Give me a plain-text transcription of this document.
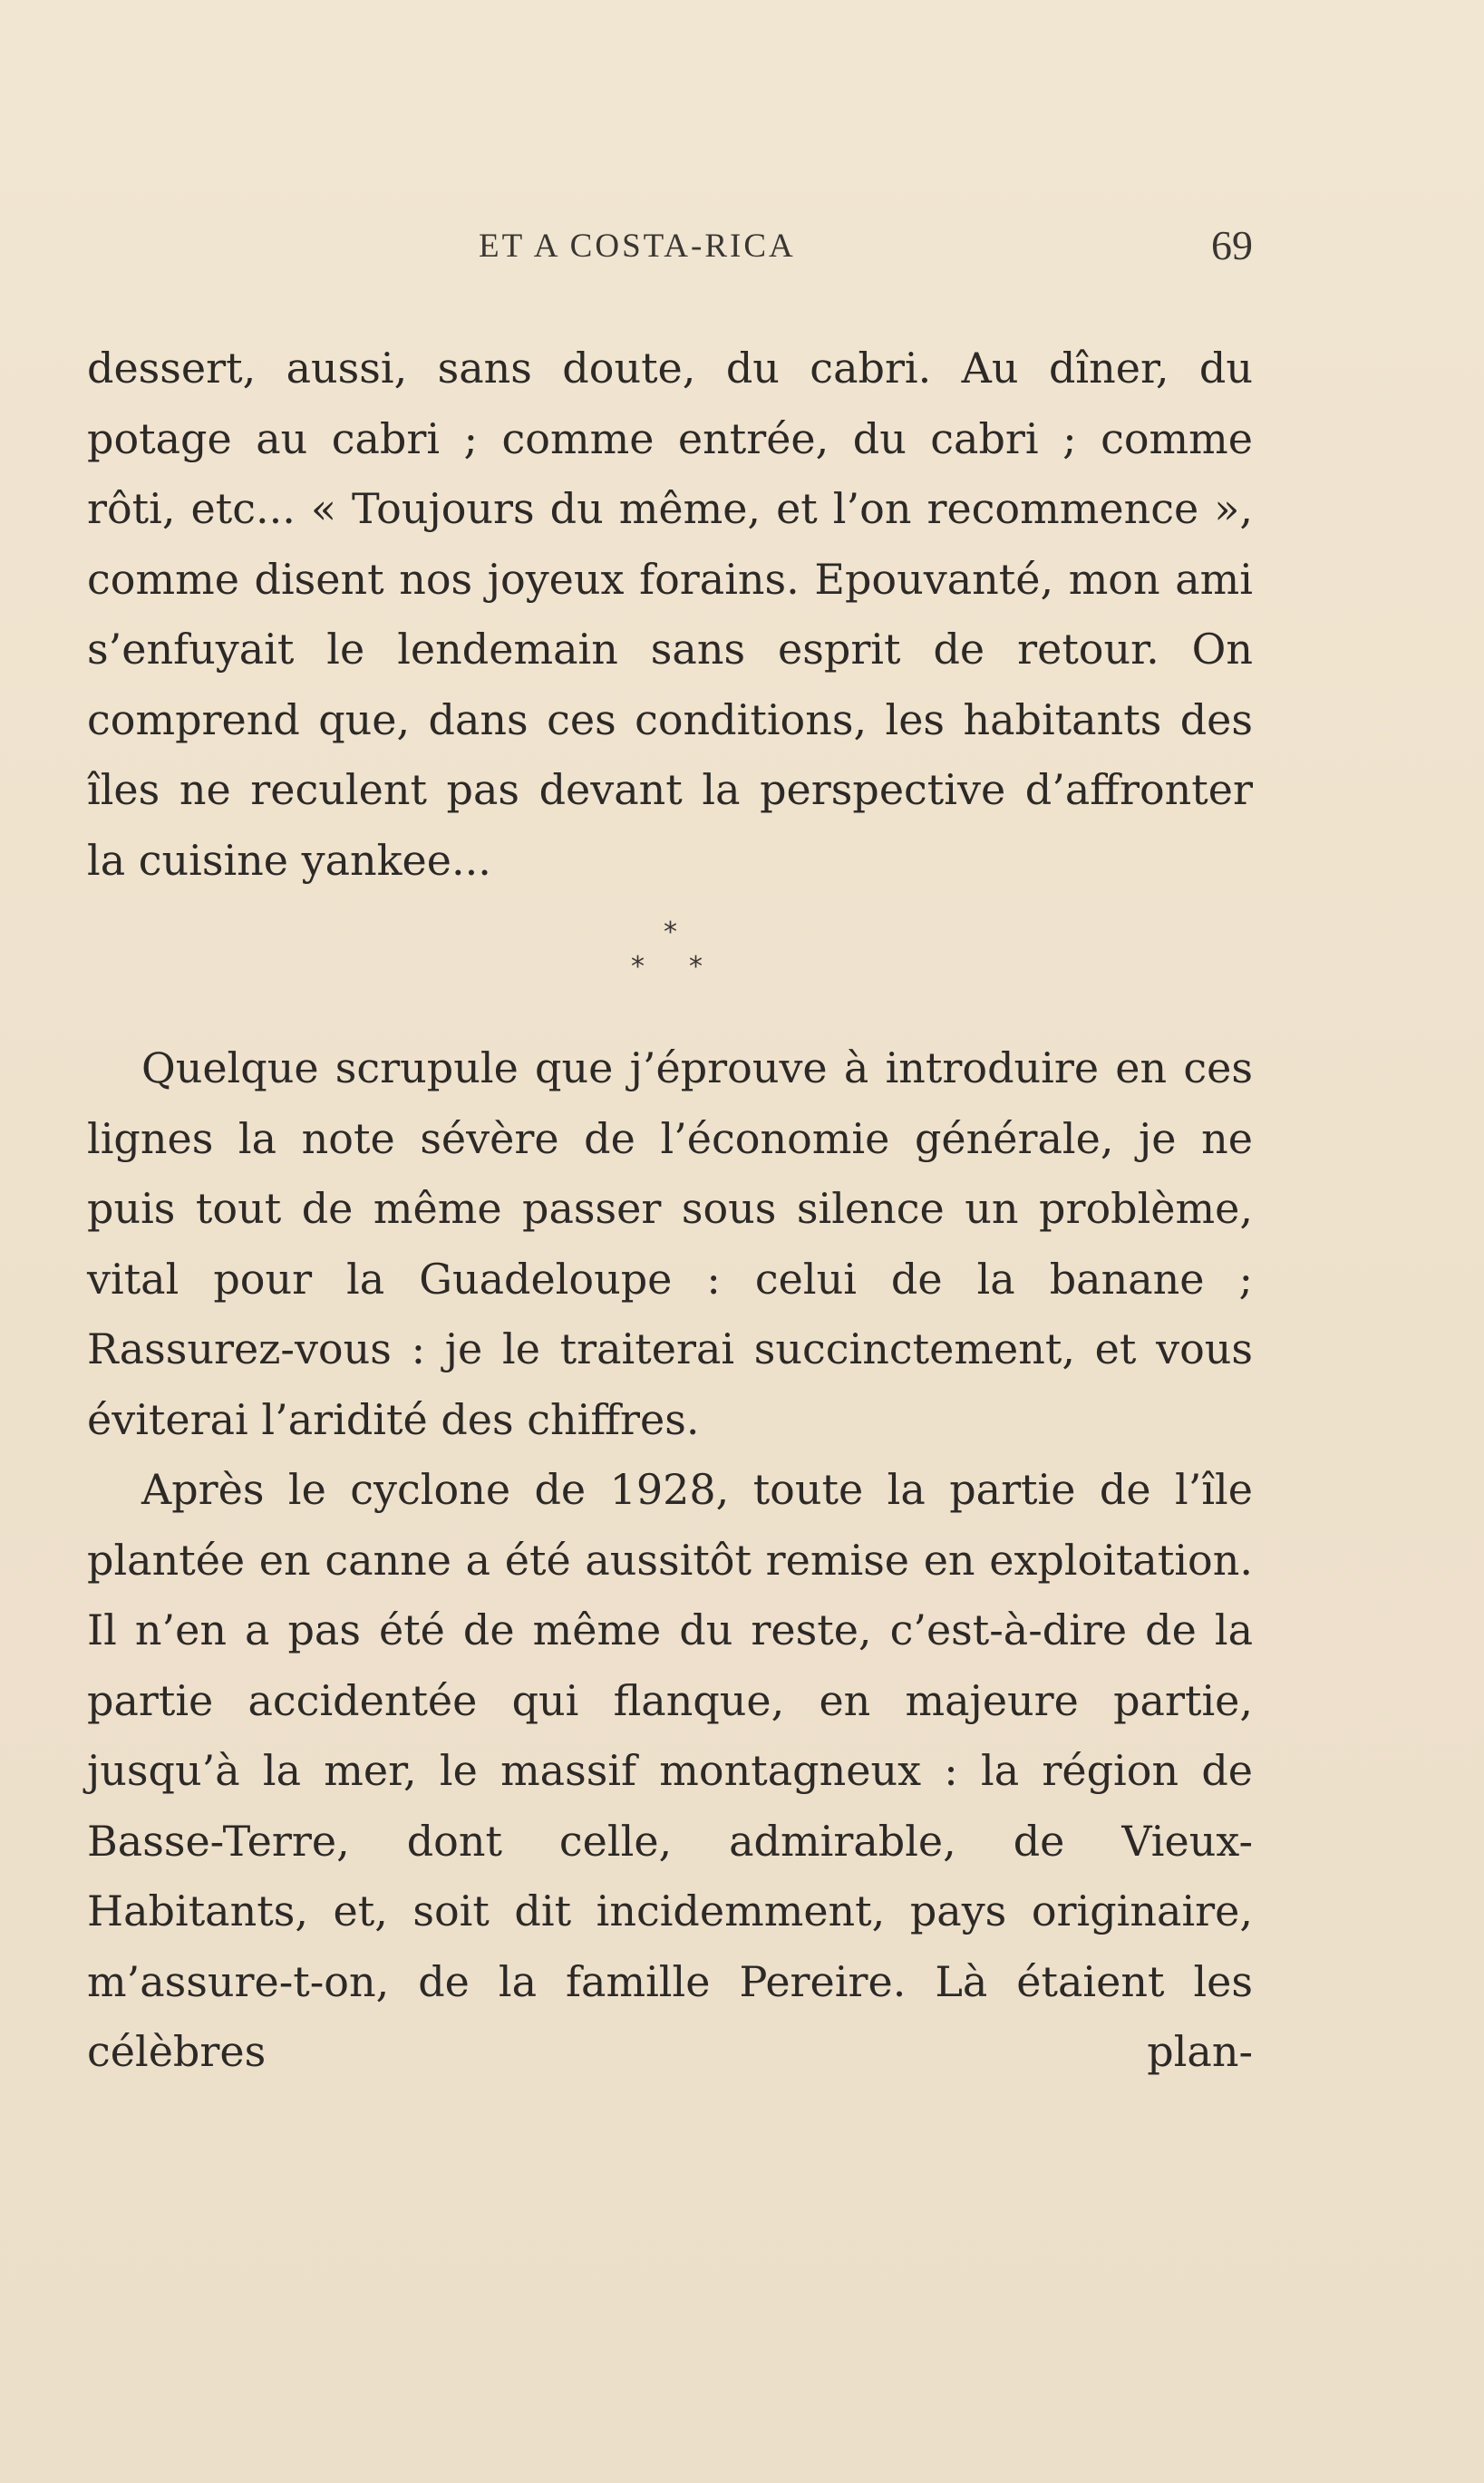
ET A COSTA-RICA	69

dessert, aussi, sans doute, du cabri. Au dîner, du potage au cabri ; comme entrée, du cabri ; comme rôti, etc... « Toujours du même, et l’on recommence », comme disent nos joyeux forains. Epouvanté, mon ami s’enfuyait le lendemain sans esprit de retour. On comprend que, dans ces conditions, les habitants des îles ne reculent pas devant la perspective d’affronter la cuisine yankee...

*
* *

Quelque scrupule que j’éprouve à introduire en ces lignes la note sévère de l’économie générale, je ne puis tout de même passer sous silence un problème, vital pour la Guadeloupe : celui de la banane ; Rassurez-vous : je le traiterai succinctement, et vous éviterai l’aridité des chiffres.

Après le cyclone de 1928, toute la partie de l’île plantée en canne a été aussitôt remise en exploitation. Il n’en a pas été de même du reste, c’est-à-dire de la partie accidentée qui flanque, en majeure partie, jusqu’à la mer, le massif montagneux : la région de Basse-Terre, dont celle, admirable, de Vieux-Habitants, et, soit dit incidemment, pays originaire, m’assure-t-on, de la famille Pereire. Là étaient les célèbres plan-
